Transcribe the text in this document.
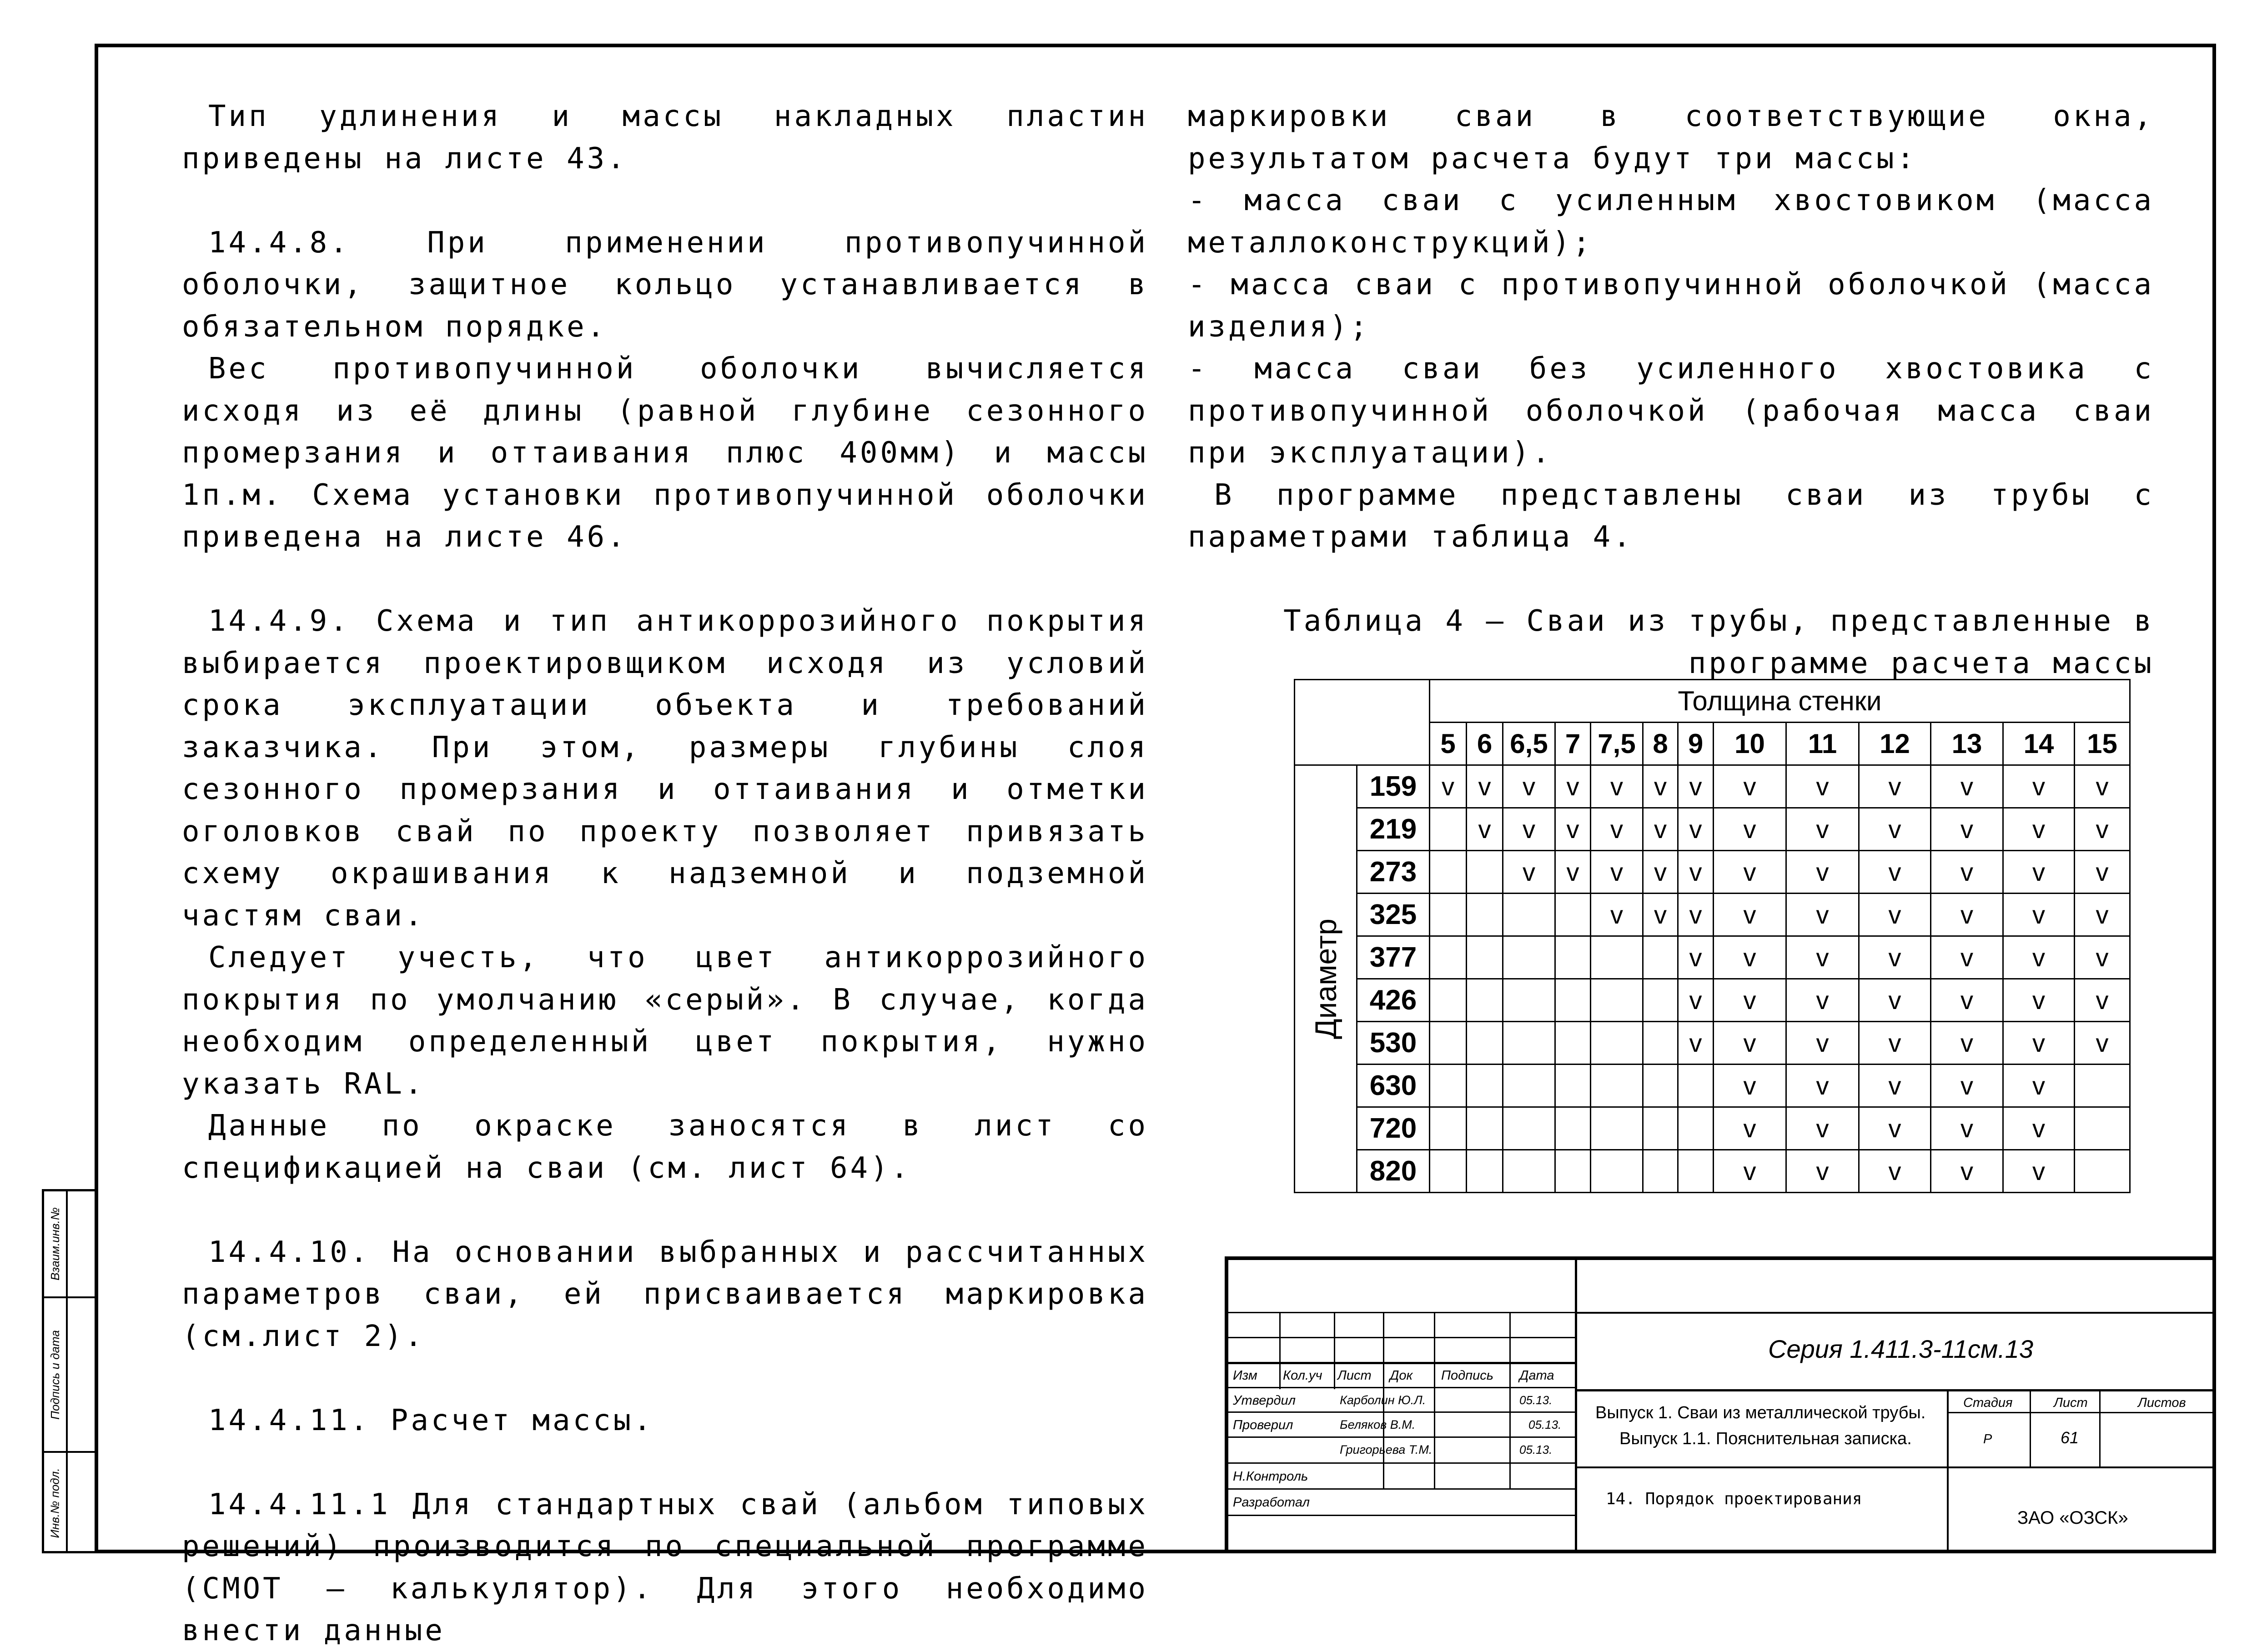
Взаим.инв.№
Подпись и дата
Инв.№ подл.

Тип удлинения и массы накладных пластин приведены на листе 43.

14.4.8. При применении противопучинной оболочки, защитное кольцо устанавливается в обязательном порядке.

Вес противопучинной оболочки вычисляется исходя из её длины (равной глубине сезонного промерзания и оттаивания плюс 400мм) и массы 1п.м. Схема установки противопучинной оболочки приведена на листе 46.

14.4.9. Схема и тип антикоррозийного покрытия выбирается проектировщиком исходя из условий срока эксплуатации объекта и требований заказчика. При этом, размеры глубины слоя сезонного промерзания и оттаивания и отметки оголовков свай по проекту позволяет привязать схему окрашивания к надземной и подземной частям сваи.

Следует учесть, что цвет антикоррозийного покрытия по умолчанию «серый». В случае, когда необходим определенный цвет покрытия, нужно указать RAL.

Данные по окраске заносятся в лист со спецификацией на сваи (см. лист 64).

14.4.10. На основании выбранных и рассчитанных параметров сваи, ей присваивается маркировка (см.лист 2).

14.4.11. Расчет массы.

14.4.11.1 Для стандартных свай (альбом типовых решений) производится по специальной программе (СМОТ – калькулятор). Для этого необходимо внести данные

маркировки сваи в соответствующие окна, результатом расчета будут три массы:

- масса сваи с усиленным хвостовиком (масса металлоконструкций);

- масса сваи с противопучинной оболочкой (масса изделия);

- масса сваи без усиленного хвостовика с противопучинной оболочкой (рабочая масса сваи при эксплуатации).

В программе представлены сваи из трубы с параметрами таблица 4.

Таблица 4 – Сваи из трубы, представленные в

программе расчета массы

		Толщина стенки												
		5	6	6,5	7	7,5	8	9	10	11	12	13	14	15

Диаметр	159	v	v	v	v	v	v	v	v	v	v	v	v	v
	219		v	v	v	v	v	v	v	v	v	v	v	v
	273			v	v	v	v	v	v	v	v	v	v	v
	325					v	v	v	v	v	v	v	v	v
	377							v	v	v	v	v	v	v
	426							v	v	v	v	v	v	v
	530							v	v	v	v	v	v	v
	630								v	v	v	v	v	
	720								v	v	v	v	v	
	820								v	v	v	v	v	
Изм Кол.уч Лист Док Подпись Дата
Утвердил	Карболин Ю.Л.	05.13.
Проверил	Беляков В.М.	05.13.
Григорьева Т.М.	05.13.
Н.Контроль
Разработал
Серия 1.411.3-11см.13
Выпуск 1. Сваи из металлической трубы.
Выпуск 1.1. Пояснительная записка.
Стадия	Лист	Листов
Р	61
14. Порядок проектирования
ЗАО «ОЗСК»
